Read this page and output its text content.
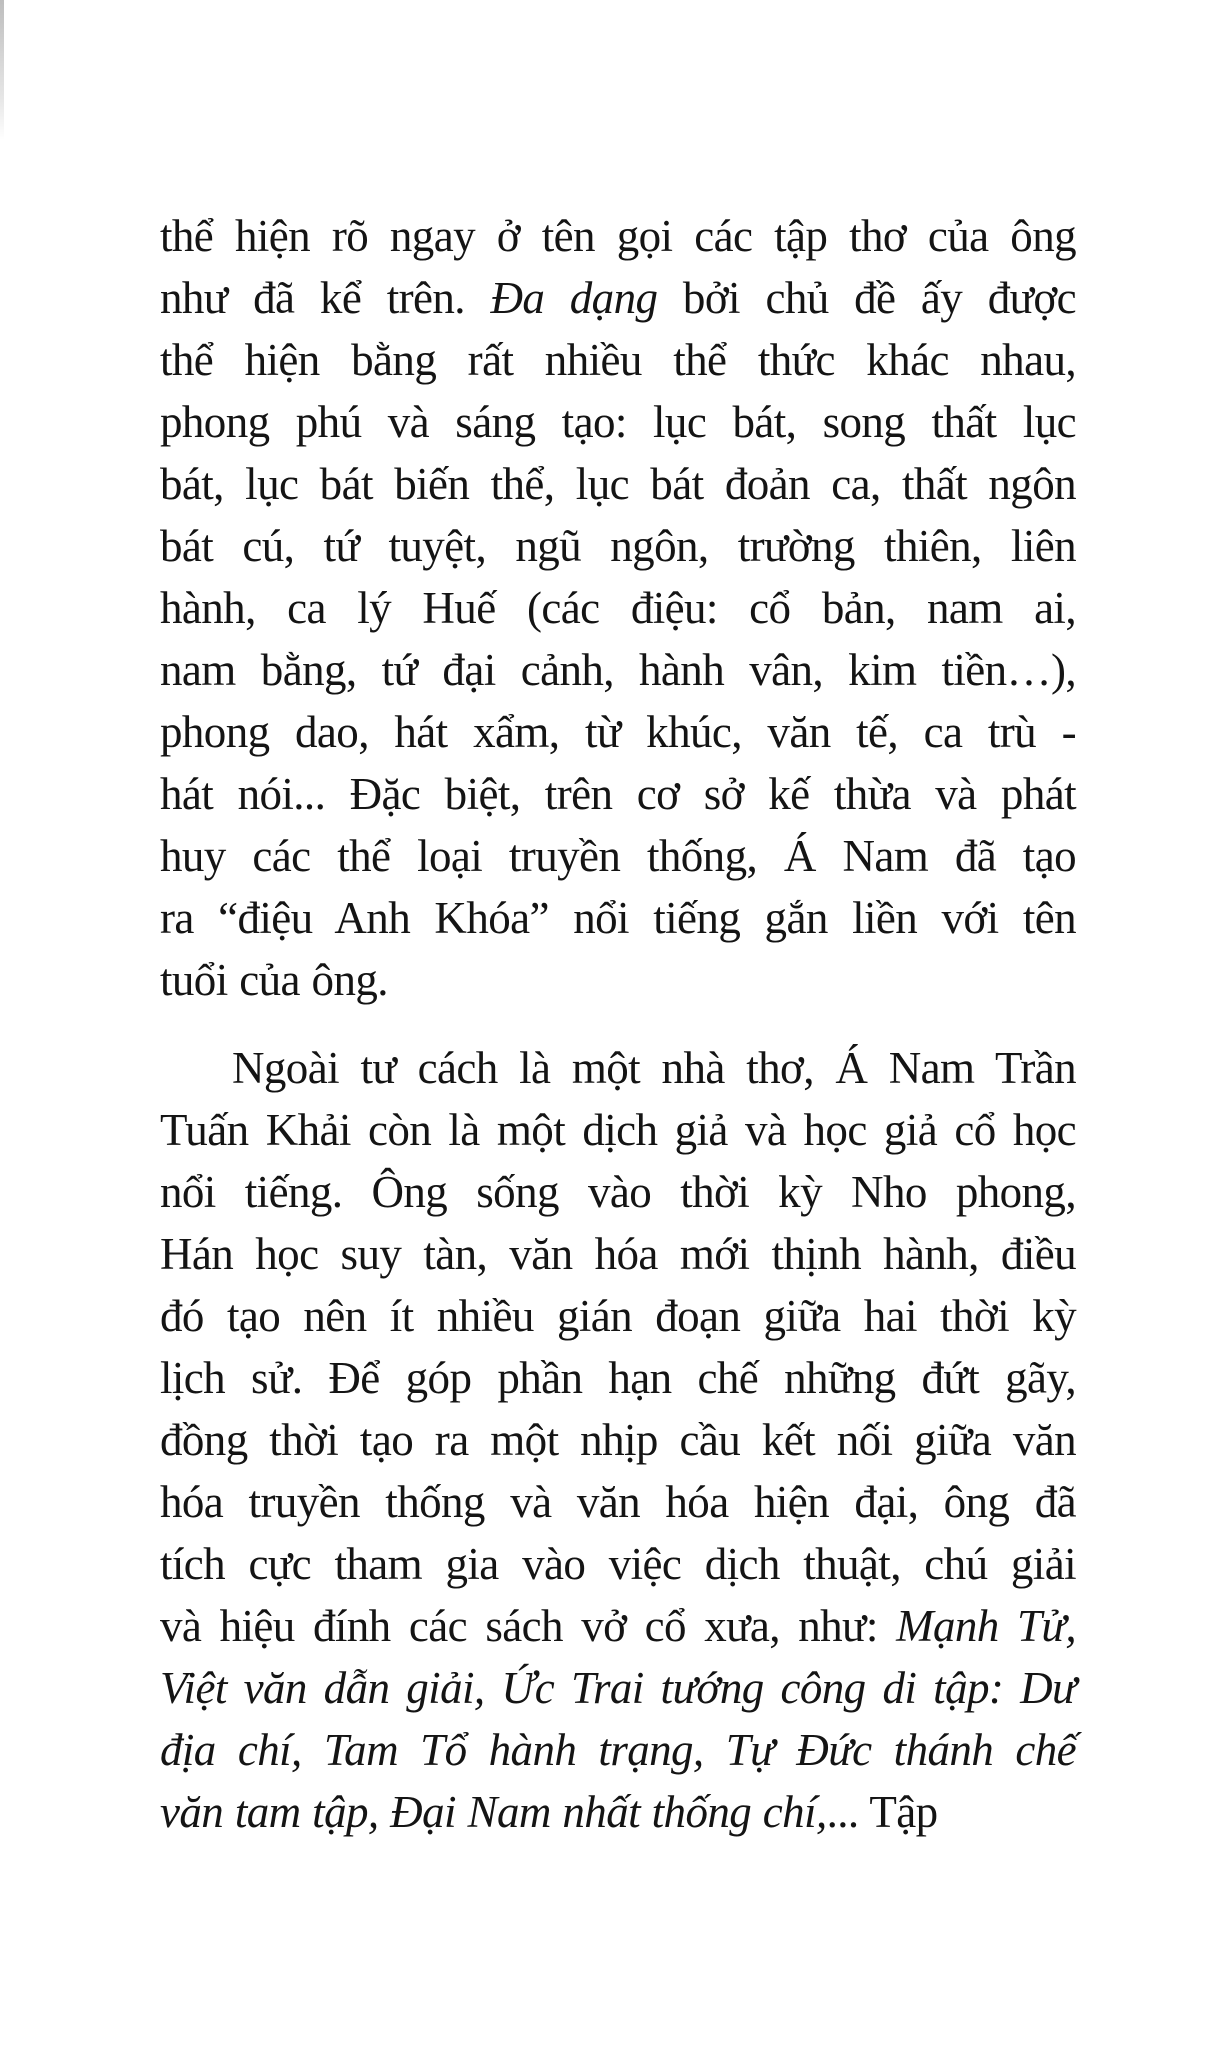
thể hiện rõ ngay ở tên gọi các tập thơ của ông
như đã kể trên. Đa dạng bởi chủ đề ấy được
thể hiện bằng rất nhiều thể thức khác nhau,
phong phú và sáng tạo: lục bát, song thất lục
bát, lục bát biến thể, lục bát đoản ca, thất ngôn
bát cú, tứ tuyệt, ngũ ngôn, trường thiên, liên
hành, ca lý Huế (các điệu: cổ bản, nam ai,
nam bằng, tứ đại cảnh, hành vân, kim tiền…),
phong dao, hát xẩm, từ khúc, văn tế, ca trù -
hát nói... Đặc biệt, trên cơ sở kế thừa và phát
huy các thể loại truyền thống, Á Nam đã tạo
ra “điệu Anh Khóa” nổi tiếng gắn liền với tên
tuổi của ông.

Ngoài tư cách là một nhà thơ, Á Nam Trần
Tuấn Khải còn là một dịch giả và học giả cổ học
nổi tiếng. Ông sống vào thời kỳ Nho phong,
Hán học suy tàn, văn hóa mới thịnh hành, điều
đó tạo nên ít nhiều gián đoạn giữa hai thời kỳ
lịch sử. Để góp phần hạn chế những đứt gãy,
đồng thời tạo ra một nhịp cầu kết nối giữa văn
hóa truyền thống và văn hóa hiện đại, ông đã
tích cực tham gia vào việc dịch thuật, chú giải
và hiệu đính các sách vở cổ xưa, như: Mạnh Tử,
Việt văn dẫn giải, Ức Trai tướng công di tập: Dư
địa chí, Tam Tổ hành trạng, Tự Đức thánh chế
văn tam tập, Đại Nam nhất thống chí,... Tập
